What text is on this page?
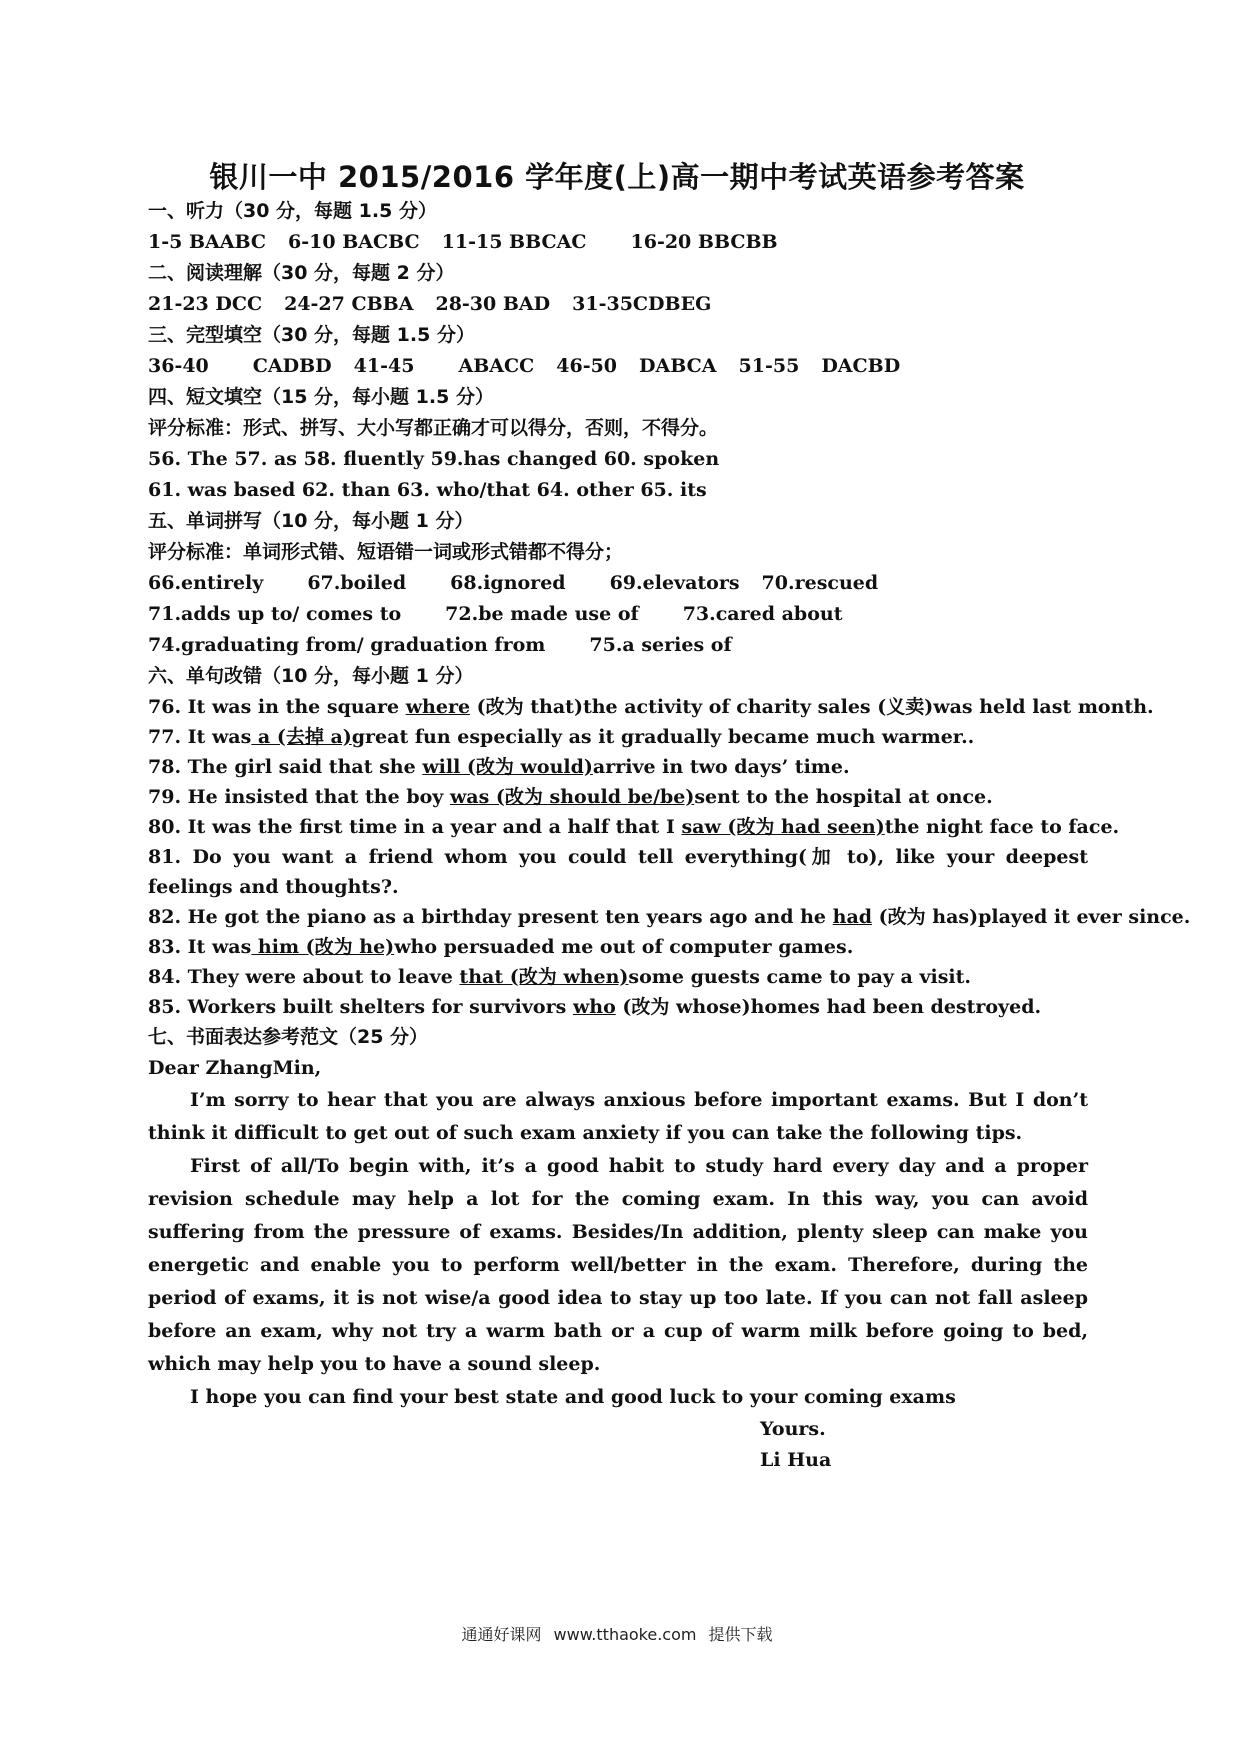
银川一中 2015/2016 学年度(上)高一期中考试英语参考答案
一、听力（30 分，每题 1.5 分）
1-5 BAABC 6-10 BACBC 11-15 BBCAC 16-20 BBCBB
二、阅读理解（30 分，每题 2 分）
21-23 DCC 24-27 CBBA 28-30 BAD 31-35CDBEG
三、完型填空（30 分，每题 1.5 分）
36-40 CADBD 41-45 ABACC 46-50 DABCA 51-55 DACBD
四、短文填空（15 分，每小题 1.5 分）
评分标准：形式、拼写、大小写都正确才可以得分，否则，不得分。
56. The 57. as 58. fluently 59.has changed 60. spoken
61. was based 62. than 63. who/that 64. other 65. its
五、单词拼写（10 分，每小题 1 分）
评分标准：单词形式错、短语错一词或形式错都不得分；
66.entirely 67.boiled 68.ignored 69.elevators 70.rescued
71.adds up to/ comes to 72.be made use of 73.cared about
74.graduating from/ graduation from 75.a series of
六、单句改错（10 分，每小题 1 分）
76. It was in the square where (改为 that)the activity of charity sales (义卖)was held last month.
77. It was a (去掉 a)great fun especially as it gradually became much warmer..
78. The girl said that she will (改为 would)arrive in two days’ time.
79. He insisted that the boy was (改为 should be/be)sent to the hospital at once.
80. It was the first time in a year and a half that I saw (改为 had seen)the night face to face.
81. Do you want a friend whom you could tell everything(加 to), like your deepest feelings and thoughts?.
82. He got the piano as a birthday present ten years ago and he had (改为 has)played it ever since.
83. It was him (改为 he)who persuaded me out of computer games.
84. They were about to leave that (改为 when)some guests came to pay a visit.
85. Workers built shelters for survivors who (改为 whose)homes had been destroyed.
七、书面表达参考范文（25 分）
Dear ZhangMin,
I’m sorry to hear that you are always anxious before important exams. But I don’t think it difficult to get out of such exam anxiety if you can take the following tips.
First of all/To begin with, it’s a good habit to study hard every day and a proper revision schedule may help a lot for the coming exam. In this way, you can avoid suffering from the pressure of exams. Besides/In addition, plenty sleep can make you energetic and enable you to perform well/better in the exam. Therefore, during the period of exams, it is not wise/a good idea to stay up too late. If you can not fall asleep before an exam, why not try a warm bath or a cup of warm milk before going to bed, which may help you to have a sound sleep.
I hope you can find your best state and good luck to your coming exams
Yours.
Li Hua
通通好课网 www.tthaoke.com 提供下载
